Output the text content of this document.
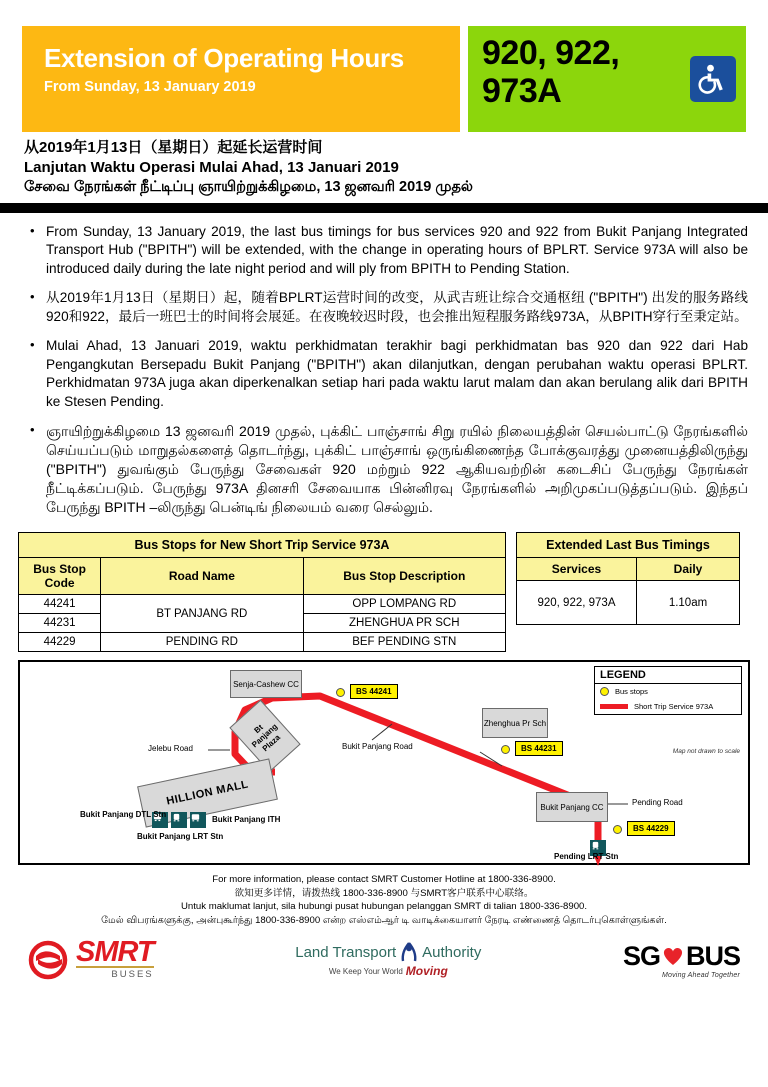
Extension of Operating Hours
From Sunday, 13 January 2019
920, 922, 973A
从2019年1月13日（星期日）起延长运营时间
Lanjutan Waktu Operasi Mulai Ahad, 13 Januari 2019
சேவை நேரங்கள் நீட்டிப்பு ஞாயிற்றுக்கிழமை, 13 ஜனவரி 2019 முதல்
• From Sunday, 13 January 2019, the last bus timings for bus services 920 and 922 from Bukit Panjang Integrated Transport Hub ("BPITH") will be extended, with the change in operating hours of BPLRT. Service 973A will also be introduced daily during the late night period and will ply from BPITH to Pending Station.
• 从2019年1月13日（星期日）起，随着BPLRT运营时间的改变，从武吉班让综合交通枢纽 ("BPITH") 出发的服务路线920和922，最后一班巴士的时间将会展延。在夜晚较迟时段，也会推出短程服务路线973A，从BPITH穿行至秉定站。
• Mulai Ahad, 13 Januari 2019, waktu perkhidmatan terakhir bagi perkhidmatan bas 920 dan 922 dari Hab Pengangkutan Bersepadu Bukit Panjang ("BPITH") akan dilanjutkan, dengan perubahan waktu operasi BPLRT. Perkhidmatan 973A juga akan diperkenalkan setiap hari pada waktu larut malam dan akan berulang alik dari BPITH ke Stesen Pending.
• ஞாயிற்றுக்கிழமை 13 ஜனவரி 2019 முதல், புக்கிட் பாஞ்சாங் சிறு ரயில் நிலையத்தின் செயல்பாட்டு நேரங்களில் செய்யப்படும் மாறுதல்களைத் தொடர்ந்து, புக்கிட் பாஞ்சாங் ஒருங்கிணைந்த போக்குவரத்து முனையத்திலிருந்து ("BPITH") துவங்கும் பேருந்து சேவைகள் 920 மற்றும் 922 ஆகியவற்றின் கடைசிப் பேருந்து நேரங்கள் நீட்டிக்கப்படும். பேருந்து 973A தினசரி சேவையாக பின்னிரவு நேரங்களில் அறிமுகப்படுத்தப்படும். இந்தப் பேருந்து BPITH –லிருந்து பென்டிங் நிலையம் வரை செல்லும்.
Bus Stops for New Short Trip Service 973A		
Bus Stop Code	Road Name	Bus Stop Description
44241	BT PANJANG RD	OPP LOMPANG RD
44231		ZHENGHUA PR SCH
44229	PENDING RD	BEF PENDING STN
Extended Last Bus Timings	
Services	Daily
920, 922, 973A	1.10am
Senja-Cashew CC
Bt Panjang Plaza
HILLION MALL
Zhenghua Pr Sch
Bukit Panjang CC
Jelebu Road	Bukit Panjang Road
Pending Road
BS 44241
BS 44231
BS 44229
Bukit Panjang DTL Stn
Bukit Panjang LRT Stn
Bukit Panjang ITH
Pending LRT Stn
LEGEND
Bus stops
Short Trip Service 973A
Map not drawn to scale
For more information, please contact SMRT Customer Hotline at 1800-336-8900.
欲知更多详情，请拨热线 1800-336-8900 与SMRT客户联系中心联络。
Untuk maklumat lanjut, sila hubungi pusat hubungan pelanggan SMRT di talian 1800-336-8900.
மேல் விபரங்களுக்கு, அன்புகூர்ந்து 1800-336-8900 என்ற எஸ்எம்ஆர் டி வாடிக்கையாளர் நேரடி எண்ணைத் தொடர்புகொள்ளுங்கள்.
SMRT
BUSES
Land Transport Authority
We Keep Your World Moving
SG BUS
Moving Ahead Together
